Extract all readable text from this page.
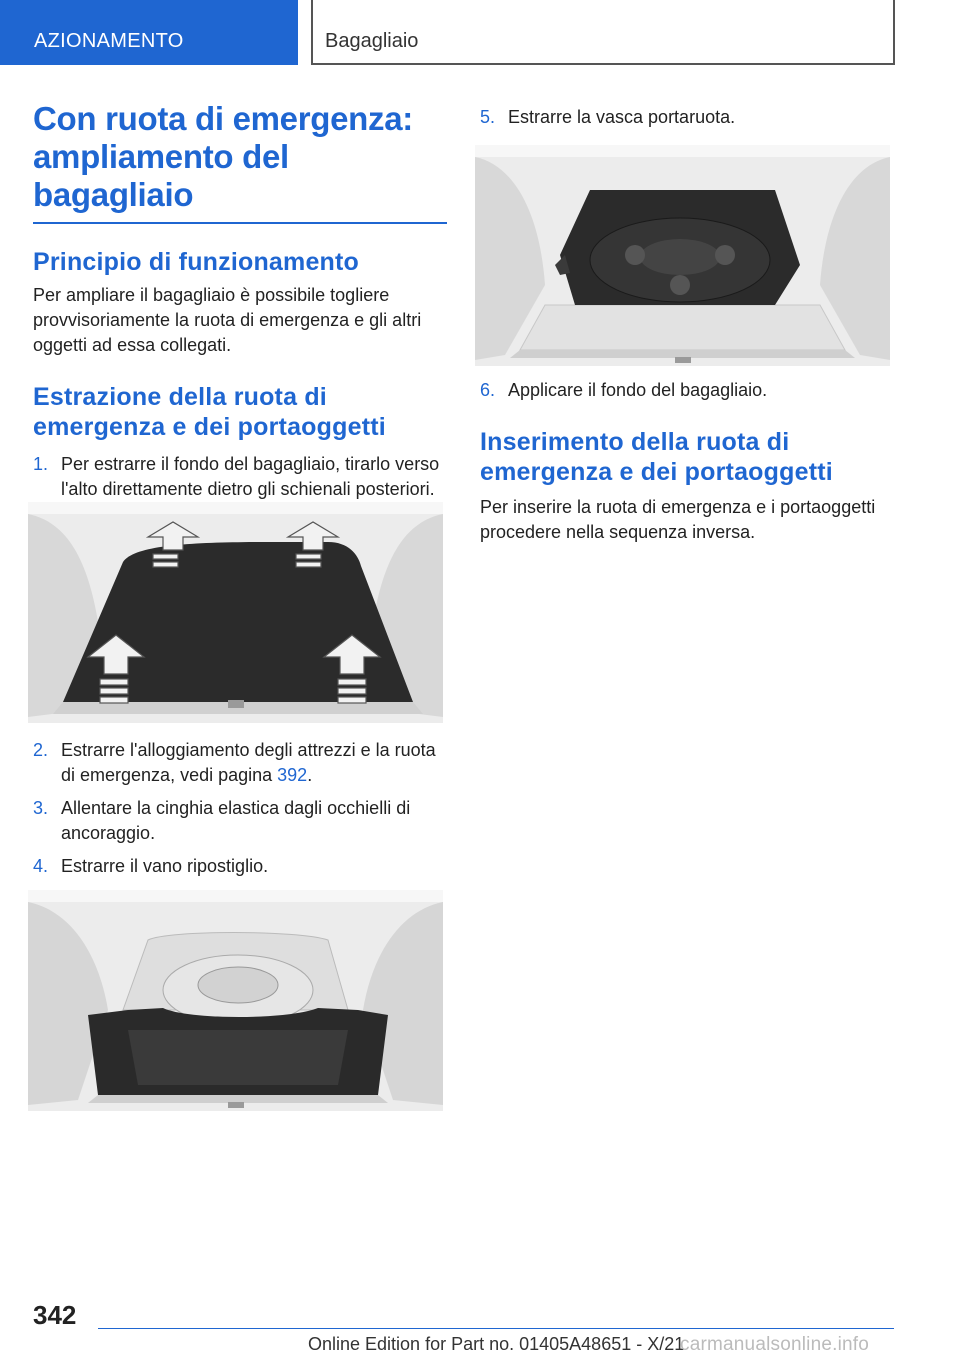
AZIONAMENTO	Bagagliaio
Con ruota di emergenza:
ampliamento del bagagliaio
Principio di funzionamento

Per ampliare il bagagliaio è possibile togliere provvisoriamente la ruota di emergenza e gli altri oggetti ad essa collegati.

Estrazione della ruota di
emergenza e dei portaoggetti
1. Per estrarre il fondo del bagagliaio, tirarlo verso l'alto direttamente dietro gli schienali posteriori.
2. Estrarre l'alloggiamento degli attrezzi e la ruota di emergenza, vedi pagina 392.
3. Allentare la cinghia elastica dagli occhielli di ancoraggio.
4. Estrarre il vano ripostiglio.
5. Estrarre la vasca portaruota.
6. Applicare il fondo del bagagliaio.
Inserimento della ruota di
emergenza e dei portaoggetti

Per inserire la ruota di emergenza e i portaoggetti procedere nella sequenza inversa.

342
Online Edition for Part no. 01405A48651 - X/21
carmanualsonline.info
